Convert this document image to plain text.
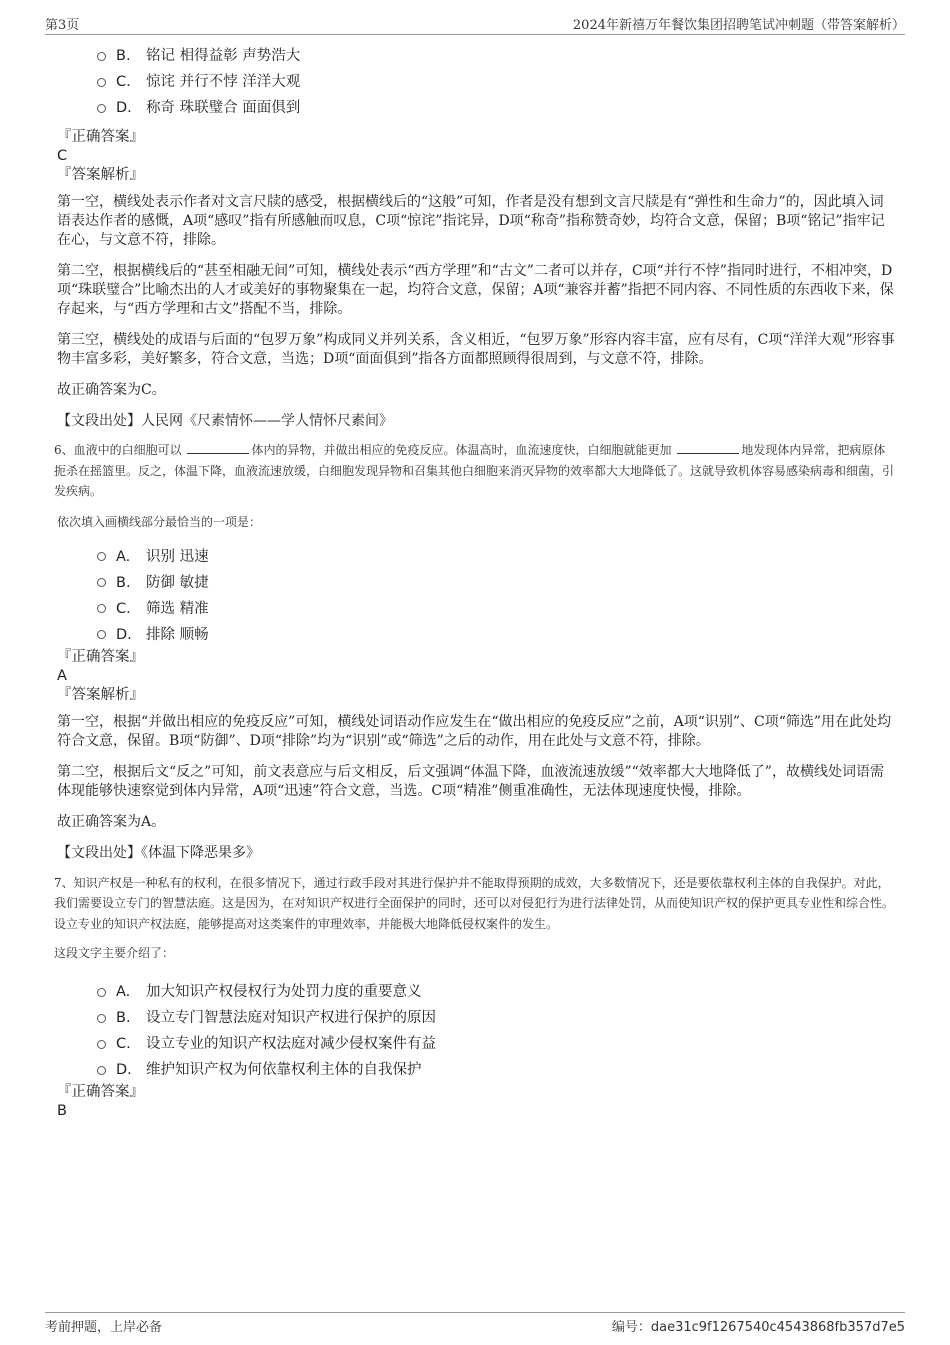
第3页	2024年新禧万年餐饮集团招聘笔试冲刺题（带答案解析）
B.	铭记 相得益彰 声势浩大
C.	惊诧 并行不悖 洋洋大观
D. 称奇 珠联璧合 面面俱到
『正确答案』
C
『答案解析』

第一空，横线处表示作者对文言尺牍的感受，根据横线后的“这般”可知，作者是没有想到文言尺牍是有“弹性和生命力”的，因此填入词语表达作者的感慨，A项“感叹”指有所感触而叹息，C项“惊诧”指诧异，D项“称奇”指称赞奇妙，均符合文意，保留；B项“铭记”指牢记在心，与文意不符，排除。

第二空，根据横线后的“甚至相融无间”可知，横线处表示“西方学理”和“古文”二者可以并存，C项“并行不悖”指同时进行，不相冲突，D项“珠联璧合”比喻杰出的人才或美好的事物聚集在一起，均符合文意，保留；A项“兼容并蓄”指把不同内容、不同性质的东西收下来，保存起来，与“西方学理和古文”搭配不当，排除。

第三空，横线处的成语与后面的“包罗万象”构成同义并列关系，含义相近，“包罗万象”形容内容丰富，应有尽有，C项“洋洋大观”形容事物丰富多彩，美好繁多，符合文意，当选；D项“面面俱到”指各方面都照顾得很周到，与文意不符，排除。

故正确答案为C。

【文段出处】人民网《尺素情怀——学人情怀尺素间》

6、血液中的白细胞可以	体内的异物，并做出相应的免疫反应。体温高时，血流速度快，白细胞就能更加	地发现体内异常，把病原体扼杀在摇篮里。反之，体温下降，血液流速放缓，白细胞发现异物和召集其他白细胞来消灭异物的效率都大大地降低了。这就导致机体容易感染病毒和细菌，引发疾病。

依次填入画横线部分最恰当的一项是：

A.	识别 迅速
B.	防御 敏捷
C.	筛选 精准
D. 排除 顺畅
『正确答案』
A
『答案解析』

第一空，根据“并做出相应的免疫反应”可知，横线处词语动作应发生在“做出相应的免疫反应”之前，A项“识别”、C项“筛选”用在此处均符合文意，保留。B项“防御”、D项“排除”均为“识别”或“筛选”之后的动作，用在此处与文意不符，排除。

第二空，根据后文“反之”可知，前文表意应与后文相反，后文强调“体温下降，血液流速放缓”“效率都大大地降低了”，故横线处词语需体现能够快速察觉到体内异常，A项“迅速”符合文意，当选。C项“精准”侧重准确性，无法体现速度快慢，排除。

故正确答案为A。

【文段出处】《体温下降恶果多》

7、知识产权是一种私有的权利，在很多情况下，通过行政手段对其进行保护并不能取得预期的成效，大多数情况下，还是要依靠权利主体的自我保护。对此，我们需要设立专门的智慧法庭。这是因为，在对知识产权进行全面保护的同时，还可以对侵犯行为进行法律处罚，从而使知识产权的保护更具专业性和综合性。设立专业的知识产权法庭，能够提高对这类案件的审理效率，并能极大地降低侵权案件的发生。

这段文字主要介绍了：

A.	加大知识产权侵权行为处罚力度的重要意义
B.	设立专门智慧法庭对知识产权进行保护的原因
C.	设立专业的知识产权法庭对减少侵权案件有益
D. 维护知识产权为何依靠权利主体的自我保护
『正确答案』
B
考前押题，上岸必备	编号：dae31c9f1267540c4543868fb357d7e5
